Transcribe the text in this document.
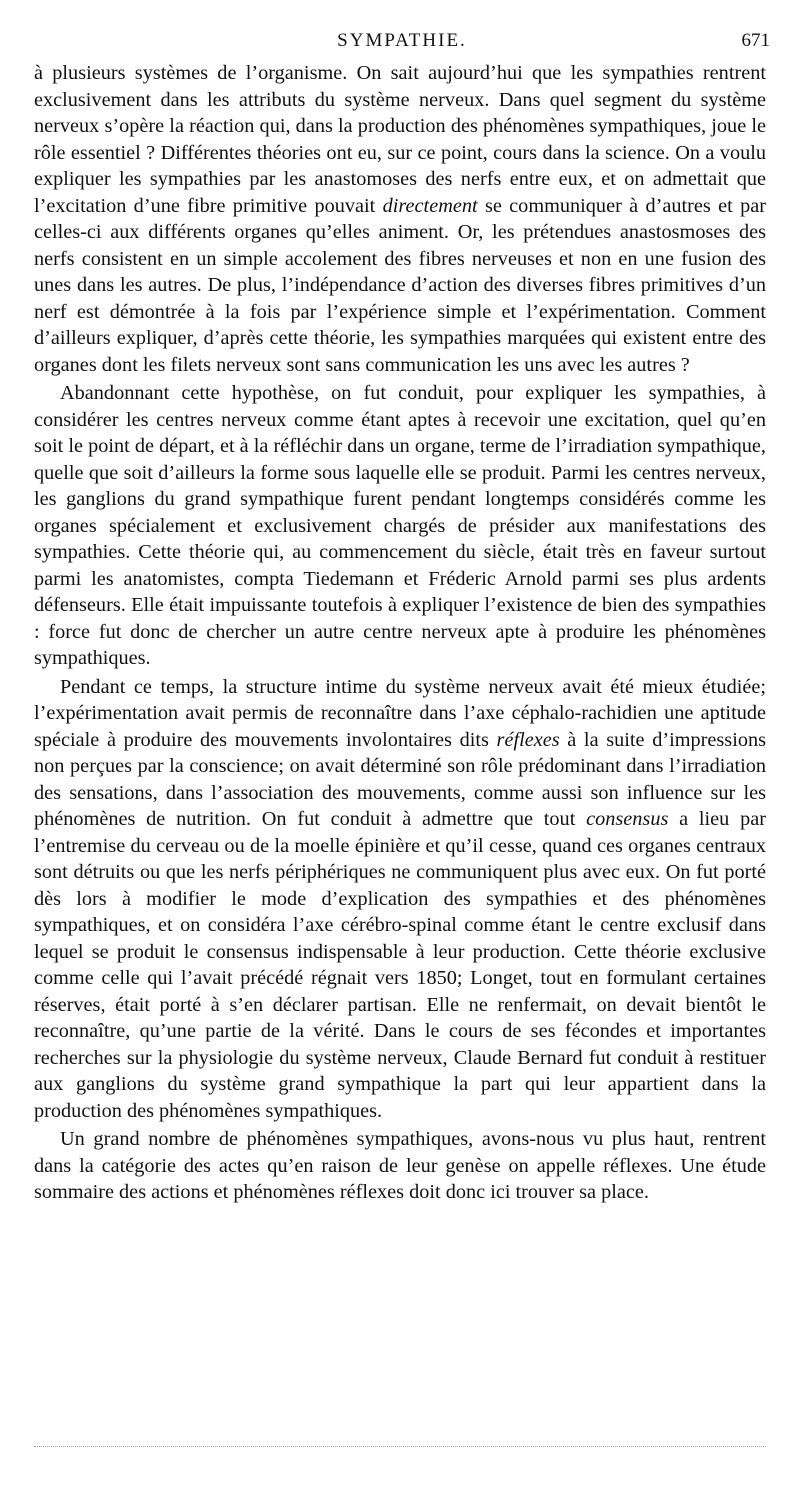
SYMPATHIE.	671

à plusieurs systèmes de l’organisme. On sait aujourd’hui que les sympathies rentrent exclusivement dans les attributs du système nerveux. Dans quel segment du système nerveux s’opère la réaction qui, dans la production des phénomènes sympathiques, joue le rôle essentiel ? Différentes théories ont eu, sur ce point, cours dans la science. On a voulu expliquer les sympathies par les anastomoses des nerfs entre eux, et on admettait que l’excitation d’une fibre primitive pouvait directement se communiquer à d’autres et par celles-ci aux différents organes qu’elles animent. Or, les prétendues anastosmoses des nerfs consistent en un simple accolement des fibres nerveuses et non en une fusion des unes dans les autres. De plus, l’indépendance d’action des diverses fibres primitives d’un nerf est démontrée à la fois par l’expérience simple et l’expérimentation. Comment d’ailleurs expliquer, d’après cette théorie, les sympathies marquées qui existent entre des organes dont les filets nerveux sont sans communication les uns avec les autres ?

Abandonnant cette hypothèse, on fut conduit, pour expliquer les sympathies, à considérer les centres nerveux comme étant aptes à recevoir une excitation, quel qu’en soit le point de départ, et à la réfléchir dans un organe, terme de l’irradiation sympathique, quelle que soit d’ailleurs la forme sous laquelle elle se produit. Parmi les centres nerveux, les ganglions du grand sympathique furent pendant longtemps considérés comme les organes spécialement et exclusivement chargés de présider aux manifestations des sympathies. Cette théorie qui, au commencement du siècle, était très en faveur surtout parmi les anatomistes, compta Tiedemann et Fréderic Arnold parmi ses plus ardents défenseurs. Elle était impuissante toutefois à expliquer l’existence de bien des sympathies : force fut donc de chercher un autre centre nerveux apte à produire les phénomènes sympathiques.

Pendant ce temps, la structure intime du système nerveux avait été mieux étudiée; l’expérimentation avait permis de reconnaître dans l’axe céphalo-rachidien une aptitude spéciale à produire des mouvements involontaires dits réflexes à la suite d’impressions non perçues par la conscience; on avait déterminé son rôle prédominant dans l’irradiation des sensations, dans l’association des mouvements, comme aussi son influence sur les phénomènes de nutrition. On fut conduit à admettre que tout consensus a lieu par l’entremise du cerveau ou de la moelle épinière et qu’il cesse, quand ces organes centraux sont détruits ou que les nerfs périphériques ne communiquent plus avec eux. On fut porté dès lors à modifier le mode d’explication des sympathies et des phénomènes sympathiques, et on considéra l’axe cérébro-spinal comme étant le centre exclusif dans lequel se produit le consensus indispensable à leur production. Cette théorie exclusive comme celle qui l’avait précédé régnait vers 1850; Longet, tout en formulant certaines réserves, était porté à s’en déclarer partisan. Elle ne renfermait, on devait bientôt le reconnaître, qu’une partie de la vérité. Dans le cours de ses fécondes et importantes recherches sur la physiologie du système nerveux, Claude Bernard fut conduit à restituer aux ganglions du système grand sympathique la part qui leur appartient dans la production des phénomènes sympathiques.

Un grand nombre de phénomènes sympathiques, avons-nous vu plus haut, rentrent dans la catégorie des actes qu’en raison de leur genèse on appelle réflexes. Une étude sommaire des actions et phénomènes réflexes doit donc ici trouver sa place.
